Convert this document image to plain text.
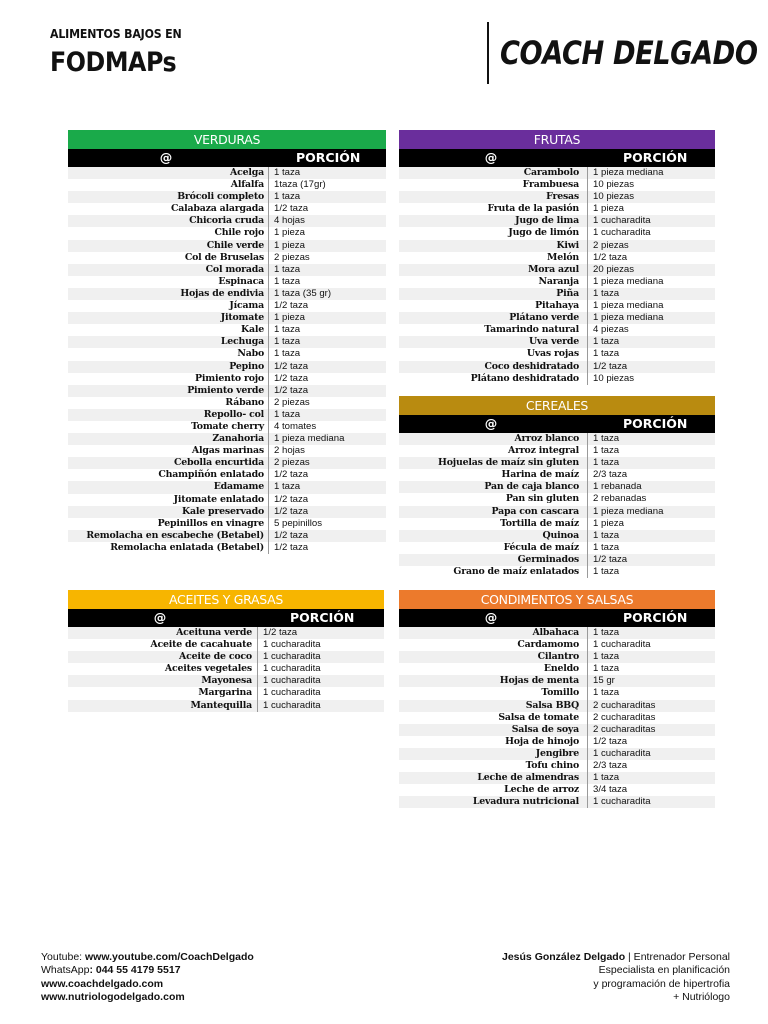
ALIMENTOS BAJOS EN
FODMAPs	COACH DELGADO
VERDURAS
@	PORCIÓN
Acelga 1 taza
Alfalfa 1taza (17gr)
Brócoli completo 1 taza
Calabaza alargada 1/2 taza
Chicoria cruda 4 hojas
Chile rojo 1 pieza
Chile verde 1 pieza
Col de Bruselas 2 piezas
Col morada 1 taza
Espinaca 1 taza
Hojas de endivia 1 taza (35 gr)
Jícama 1/2 taza
Jitomate 1 pieza
Kale 1 taza
Lechuga 1 taza
Nabo 1 taza
Pepino 1/2 taza
Pimiento rojo 1/2 taza
Pimiento verde 1/2 taza
Rábano 2 piezas
Repollo- col 1 taza
Tomate cherry 4 tomates
Zanahoria 1 pieza mediana
Algas marinas 2 hojas
Cebolla encurtida 2 piezas
Champiñón enlatado 1/2 taza
Edamame 1 taza
Jitomate enlatado 1/2 taza
Kale preservado 1/2 taza
Pepinillos en vinagre 5 pepinillos
Remolacha en escabeche (Betabel) 1/2 taza
Remolacha enlatada (Betabel) 1/2 taza
FRUTAS
@	PORCIÓN
Carambolo 1 pieza mediana
Frambuesa 10 piezas
Fresas 10 piezas
Fruta de la pasión 1 pieza
Jugo de lima 1 cucharadita
Jugo de limón 1 cucharadita
Kiwi 2 piezas
Melón 1/2 taza
Mora azul 20 piezas
Naranja 1 pieza mediana
Piña 1 taza
Pitahaya 1 pieza mediana
Plátano verde 1 pieza mediana
Tamarindo natural 4 piezas
Uva verde 1 taza
Uvas rojas 1 taza
Coco deshidratado 1/2 taza
Plátano deshidratado 10 piezas
CEREALES
@	PORCIÓN
Arroz blanco 1 taza
Arroz integral 1 taza
Hojuelas de maíz sin gluten 1 taza
Harina de maíz 2/3 taza
Pan de caja blanco 1 rebanada
Pan sin gluten 2 rebanadas
Papa con cascara 1 pieza mediana
Tortilla de maíz 1 pieza
Quinoa 1 taza
Fécula de maíz 1 taza
Germinados 1/2 taza
Grano de maíz enlatados 1 taza
ACEITES Y GRASAS
@	PORCIÓN
Aceituna verde 1/2 taza
Aceite de cacahuate 1 cucharadita
Aceite de coco 1 cucharadita
Aceites vegetales 1 cucharadita
Mayonesa 1 cucharadita
Margarina 1 cucharadita
Mantequilla 1 cucharadita
CONDIMENTOS Y SALSAS
@	PORCIÓN
Albahaca 1 taza
Cardamomo 1 cucharadita
Cilantro 1 taza
Eneldo 1 taza
Hojas de menta 15 gr
Tomillo 1 taza
Salsa BBQ 2 cucharaditas
Salsa de tomate 2 cucharaditas
Salsa de soya 2 cucharaditas
Hoja de hinojo 1/2 taza
Jengibre 1 cucharadita
Tofu chino 2/3 taza
Leche de almendras 1 taza
Leche de arroz 3/4 taza
Levadura nutricional 1 cucharadita
Youtube: www.youtube.com/CoachDelgado
WhatsApp: 044 55 4179 5517
www.coachdelgado.com
www.nutriologodelgado.com
Jesús González Delgado | Entrenador Personal
Especialista en planificación
y programación de hipertrofia
+ Nutriólogo
